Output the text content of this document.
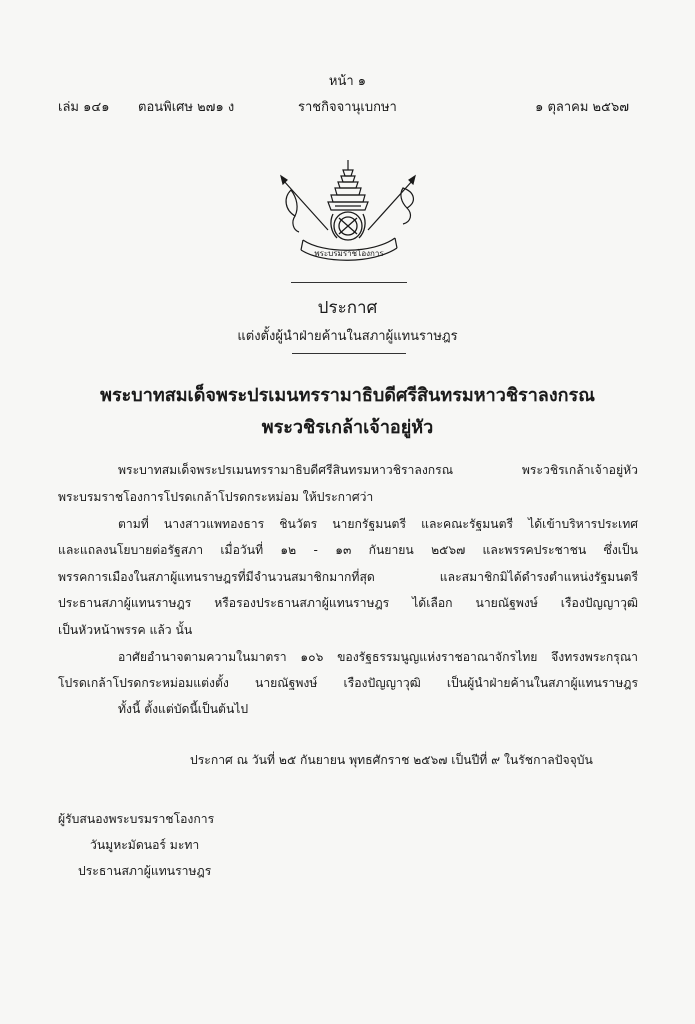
หน้า ๑
เล่ม ๑๔๑ ตอนพิเศษ ๒๗๑ ง	ราชกิจจานุเบกษา	๑ ตุลาคม ๒๕๖๗
พระบรมราชโองการ
ประกาศ
แต่งตั้งผู้นำฝ่ายค้านในสภาผู้แทนราษฎร
พระบาทสมเด็จพระปรเมนทรรามาธิบดีศรีสินทรมหาวชิราลงกรณ
พระวชิรเกล้าเจ้าอยู่หัว
พระบาทสมเด็จพระปรเมนทรรามาธิบดีศรีสินทรมหาวชิราลงกรณ พระวชิรเกล้าเจ้าอยู่หัว
พระบรมราชโองการโปรดเกล้าโปรดกระหม่อม ให้ประกาศว่า
ตามที่ นางสาวแพทองธาร ชินวัตร นายกรัฐมนตรี และคณะรัฐมนตรี ได้เข้าบริหารประเทศ
และแถลงนโยบายต่อรัฐสภา เมื่อวันที่ ๑๒ - ๑๓ กันยายน ๒๕๖๗ และพรรคประชาชน ซึ่งเป็น
พรรคการเมืองในสภาผู้แทนราษฎรที่มีจำนวนสมาชิกมากที่สุด และสมาชิกมิได้ดำรงตำแหน่งรัฐมนตรี
ประธานสภาผู้แทนราษฎร หรือรองประธานสภาผู้แทนราษฎร ได้เลือก นายณัฐพงษ์ เรืองปัญญาวุฒิ
เป็นหัวหน้าพรรค แล้ว นั้น
อาศัยอำนาจตามความในมาตรา ๑๐๖ ของรัฐธรรมนูญแห่งราชอาณาจักรไทย จึงทรงพระกรุณา
โปรดเกล้าโปรดกระหม่อมแต่งตั้ง นายณัฐพงษ์ เรืองปัญญาวุฒิ เป็นผู้นำฝ่ายค้านในสภาผู้แทนราษฎร
ทั้งนี้ ตั้งแต่บัดนี้เป็นต้นไป
ประกาศ ณ วันที่ ๒๕ กันยายน พุทธศักราช ๒๕๖๗ เป็นปีที่ ๙ ในรัชกาลปัจจุบัน
ผู้รับสนองพระบรมราชโองการ
วันมูหะมัดนอร์ มะทา
ประธานสภาผู้แทนราษฎร
